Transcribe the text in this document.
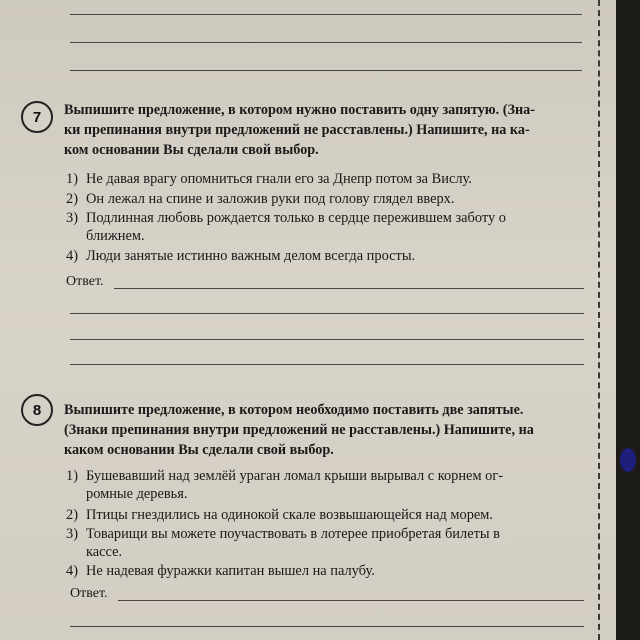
7	Выпишите предложение, в котором нужно поставить одну запятую. (Зна-
ки препинания внутри предложений не расставлены.) Напишите, на ка-
ком основании Вы сделали свой выбор.
1) Не давая врагу опомниться гнали его за Днепр потом за Вислу.
2) Он лежал на спине и заложив руки под голову глядел вверх.
3) Подлинная любовь рождается только в сердце пережившем заботу о
ближнем.
4) Люди занятые истинно важным делом всегда просты.
Ответ.
8	Выпишите предложение, в котором необходимо поставить две запятые.
(Знаки препинания внутри предложений не расставлены.) Напишите, на
каком основании Вы сделали свой выбор.
1) Бушевавший над землёй ураган ломал крыши вырывал с корнем ог-
ромные деревья.
2) Птицы гнездились на одинокой скале возвышающейся над морем.
3) Товарищи вы можете поучаствовать в лотерее приобретая билеты в
кассе.
4) Не надевая фуражки капитан вышел на палубу.
Ответ.
